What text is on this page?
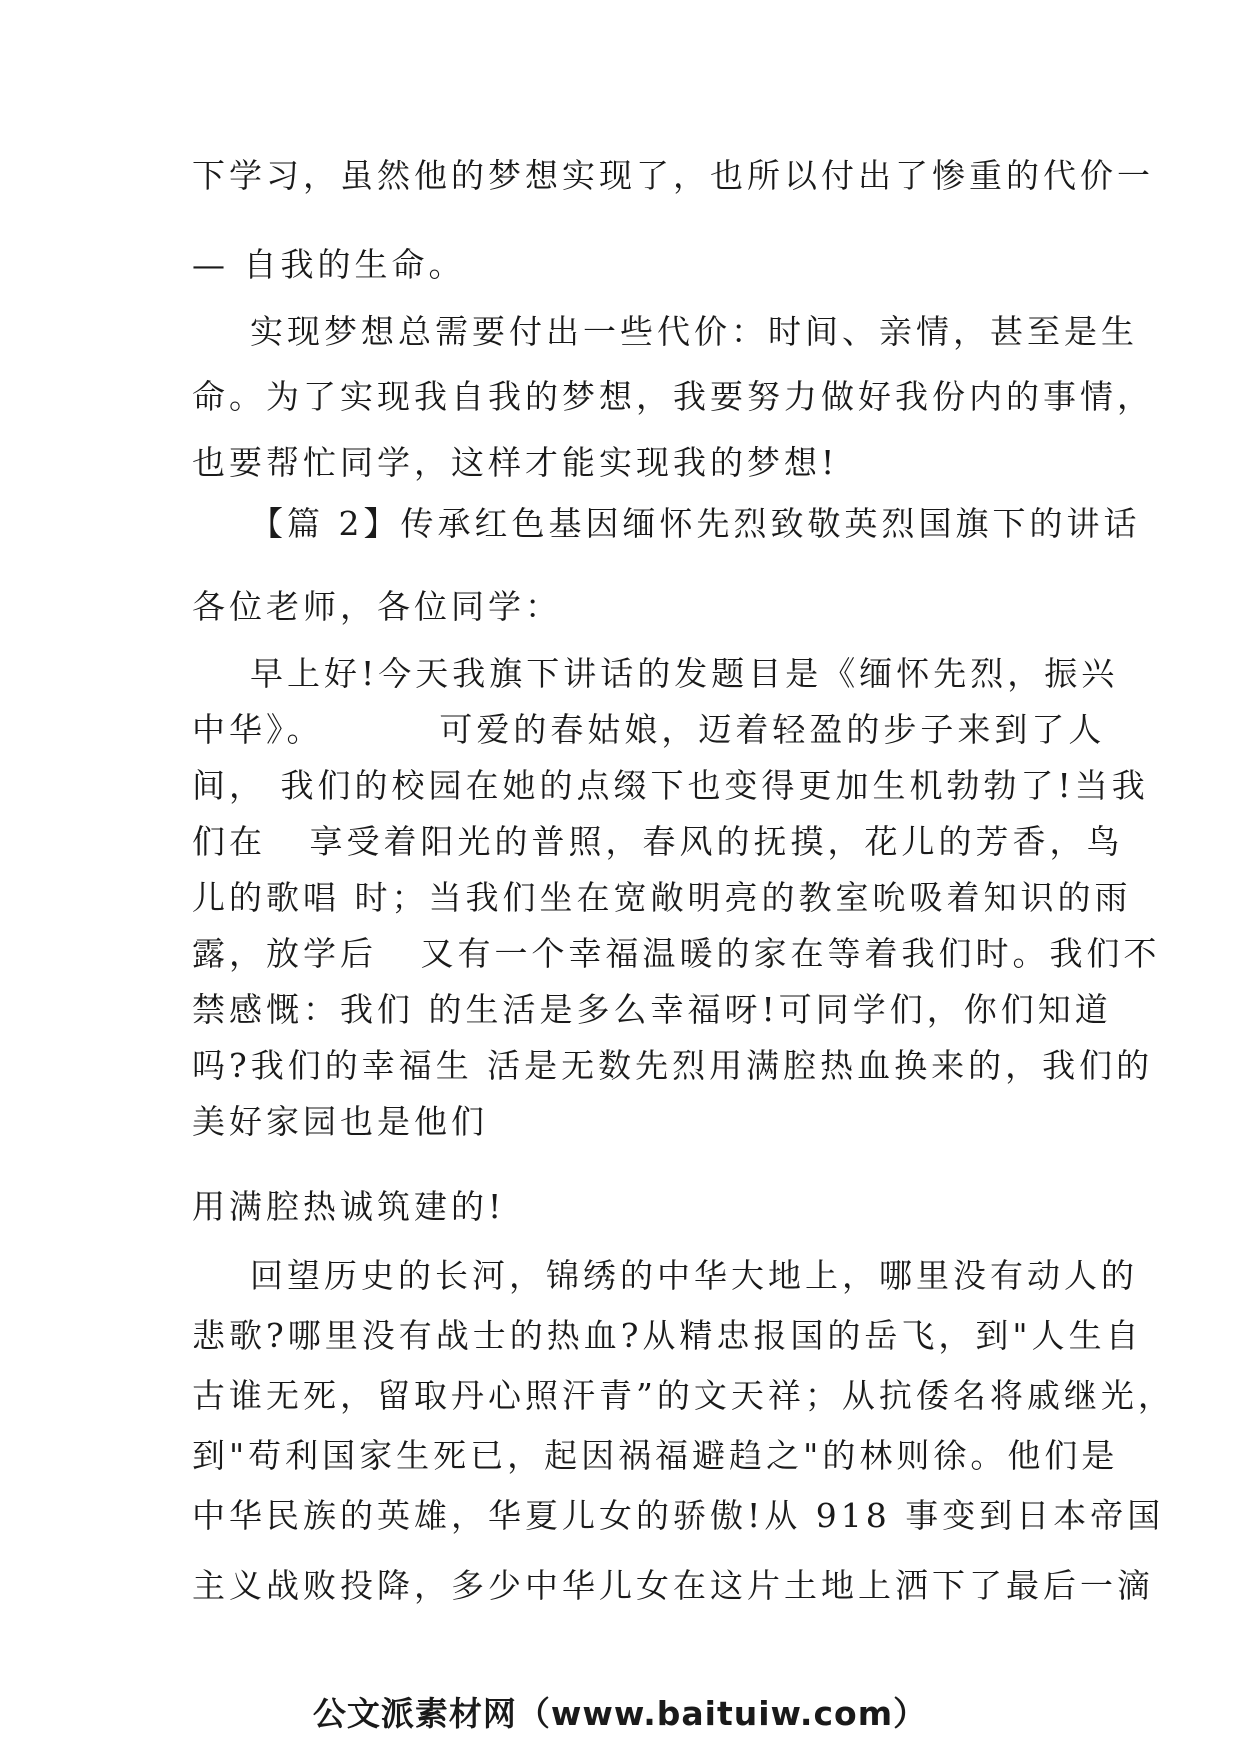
下学习，虽然他的梦想实现了，也所以付出了惨重的代价一
— 自我的生命。
实现梦想总需要付出一些代价：时间、亲情，甚至是生
命。为了实现我自我的梦想，我要努力做好我份内的事情，
也要帮忙同学，这样才能实现我的梦想!
【篇 2】传承红色基因缅怀先烈致敬英烈国旗下的讲话
各位老师，各位同学：
早上好!今天我旗下讲话的发题目是《缅怀先烈，振兴
中华》。        可爱的春姑娘，迈着轻盈的步子来到了人
间， 我们的校园在她的点缀下也变得更加生机勃勃了!当我
们在   享受着阳光的普照，春风的抚摸，花儿的芳香，鸟
儿的歌唱 时；当我们坐在宽敞明亮的教室吮吸着知识的雨
露，放学后   又有一个幸福温暖的家在等着我们时。我们不
禁感慨：我们 的生活是多么幸福呀!可同学们，你们知道
吗?我们的幸福生 活是无数先烈用满腔热血换来的，我们的
美好家园也是他们
用满腔热诚筑建的!
回望历史的长河，锦绣的中华大地上，哪里没有动人的
悲歌?哪里没有战士的热血?从精忠报国的岳飞，到"人生自
古谁无死，留取丹心照汗青”的文天祥；从抗倭名将戚继光，
到"苟利国家生死已，起因祸福避趋之"的林则徐。他们是
中华民族的英雄，华夏儿女的骄傲!从 918 事变到日本帝国
主义战败投降，多少中华儿女在这片土地上洒下了最后一滴
公文派素材网（www.baituiw.com）
